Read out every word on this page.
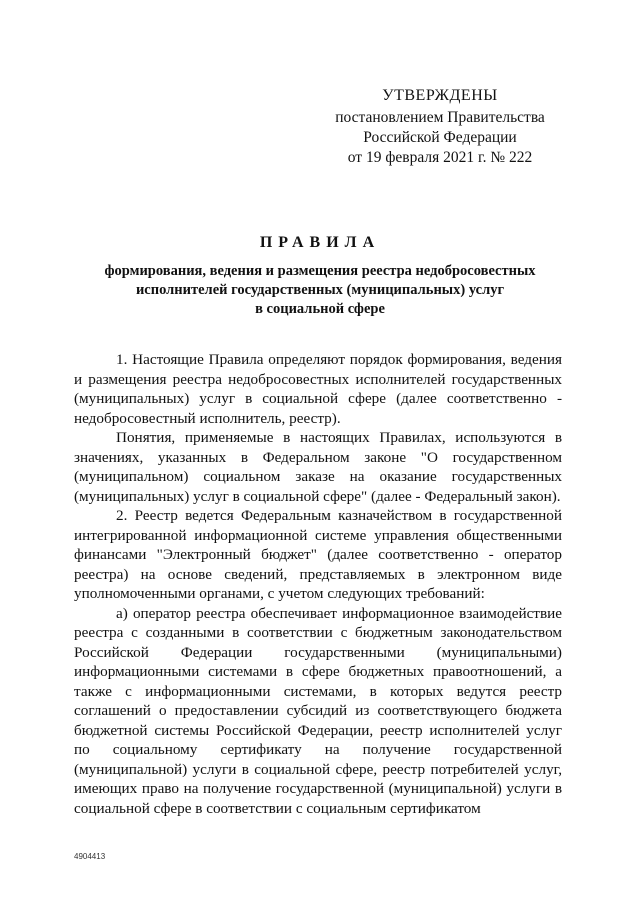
УТВЕРЖДЕНЫ
постановлением Правительства
Российской Федерации
от 19 февраля 2021 г. № 222
ПРАВИЛА
формирования, ведения и размещения реестра недобросовестных
исполнителей государственных (муниципальных) услуг
в социальной сфере

1. Настоящие Правила определяют порядок формирования, ведения и размещения реестра недобросовестных исполнителей государственных (муниципальных) услуг в социальной сфере (далее соответственно - недобросовестный исполнитель, реестр).

Понятия, применяемые в настоящих Правилах, используются в значениях, указанных в Федеральном законе "О государственном (муниципальном) социальном заказе на оказание государственных (муниципальных) услуг в социальной сфере" (далее - Федеральный закон).

2. Реестр ведется Федеральным казначейством в государственной интегрированной информационной системе управления общественными финансами "Электронный бюджет" (далее соответственно - оператор реестра) на основе сведений, представляемых в электронном виде уполномоченными органами, с учетом следующих требований:

а) оператор реестра обеспечивает информационное взаимодействие реестра с созданными в соответствии с бюджетным законодательством Российской Федерации государственными (муниципальными) информационными системами в сфере бюджетных правоотношений, а также с информационными системами, в которых ведутся реестр соглашений о предоставлении субсидий из соответствующего бюджета бюджетной системы Российской Федерации, реестр исполнителей услуг по социальному сертификату на получение государственной (муниципальной) услуги в социальной сфере, реестр потребителей услуг, имеющих право на получение государственной (муниципальной) услуги в социальной сфере в соответствии с социальным сертификатом

4904413
